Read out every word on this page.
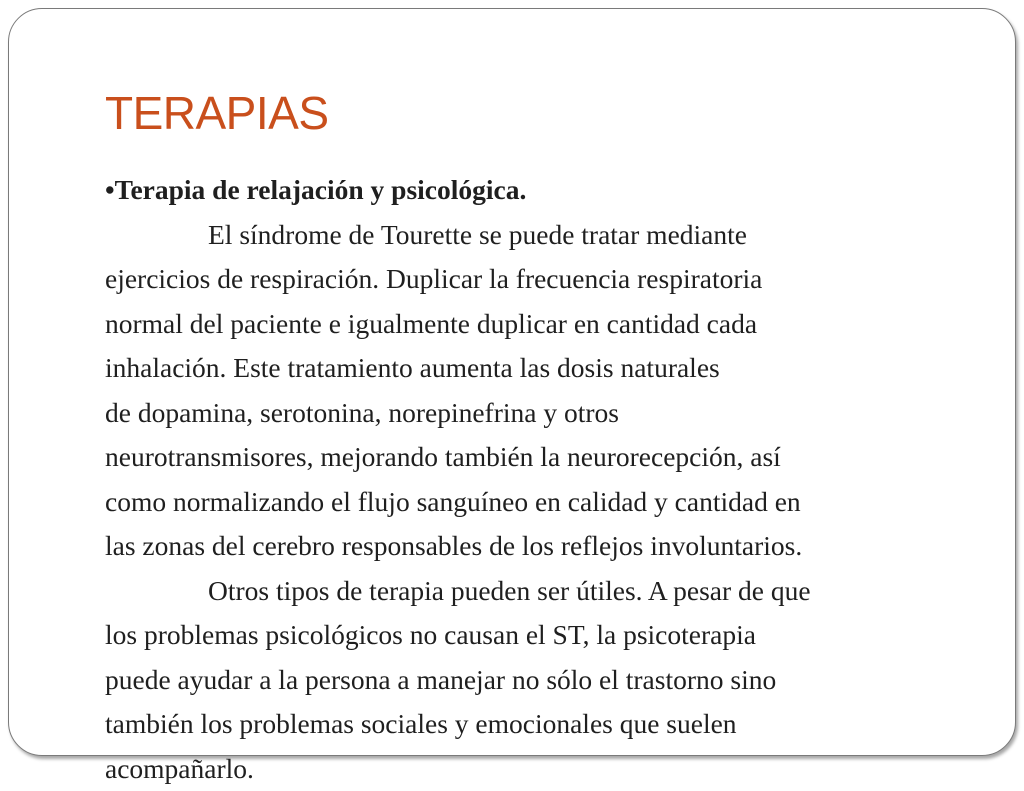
TERAPIAS
•Terapia de relajación y psicológica.
El síndrome de Tourette se puede tratar mediante
ejercicios de respiración. Duplicar la frecuencia respiratoria
normal del paciente e igualmente duplicar en cantidad cada
inhalación. Este tratamiento aumenta las dosis naturales
de dopamina, serotonina, norepinefrina y otros
neurotransmisores, mejorando también la neurorecepción, así
como normalizando el flujo sanguíneo en calidad y cantidad en
las zonas del cerebro responsables de los reflejos involuntarios.
Otros tipos de terapia pueden ser útiles. A pesar de que
los problemas psicológicos no causan el ST, la psicoterapia
puede ayudar a la persona a manejar no sólo el trastorno sino
también los problemas sociales y emocionales que suelen
acompañarlo.
